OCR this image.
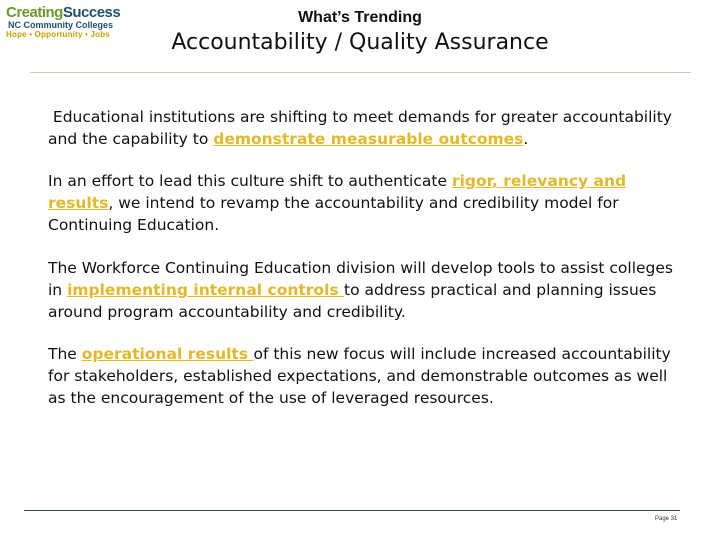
CreatingSuccess
NC Community Colleges
Hope • Opportunity • Jobs
What’s Trending
Accountability / Quality Assurance
Educational institutions are shifting to meet demands for greater accountability and the capability to demonstrate measurable outcomes.
In an effort to lead this culture shift to authenticate rigor, relevancy and results, we intend to revamp the accountability and credibility model for Continuing Education.
The Workforce Continuing Education division will develop tools to assist colleges in implementing internal controls to address practical and planning issues around program accountability and credibility.
The operational results of this new focus will include increased accountability for stakeholders, established expectations, and demonstrable outcomes as well as the encouragement of the use of leveraged resources.
Page 31
